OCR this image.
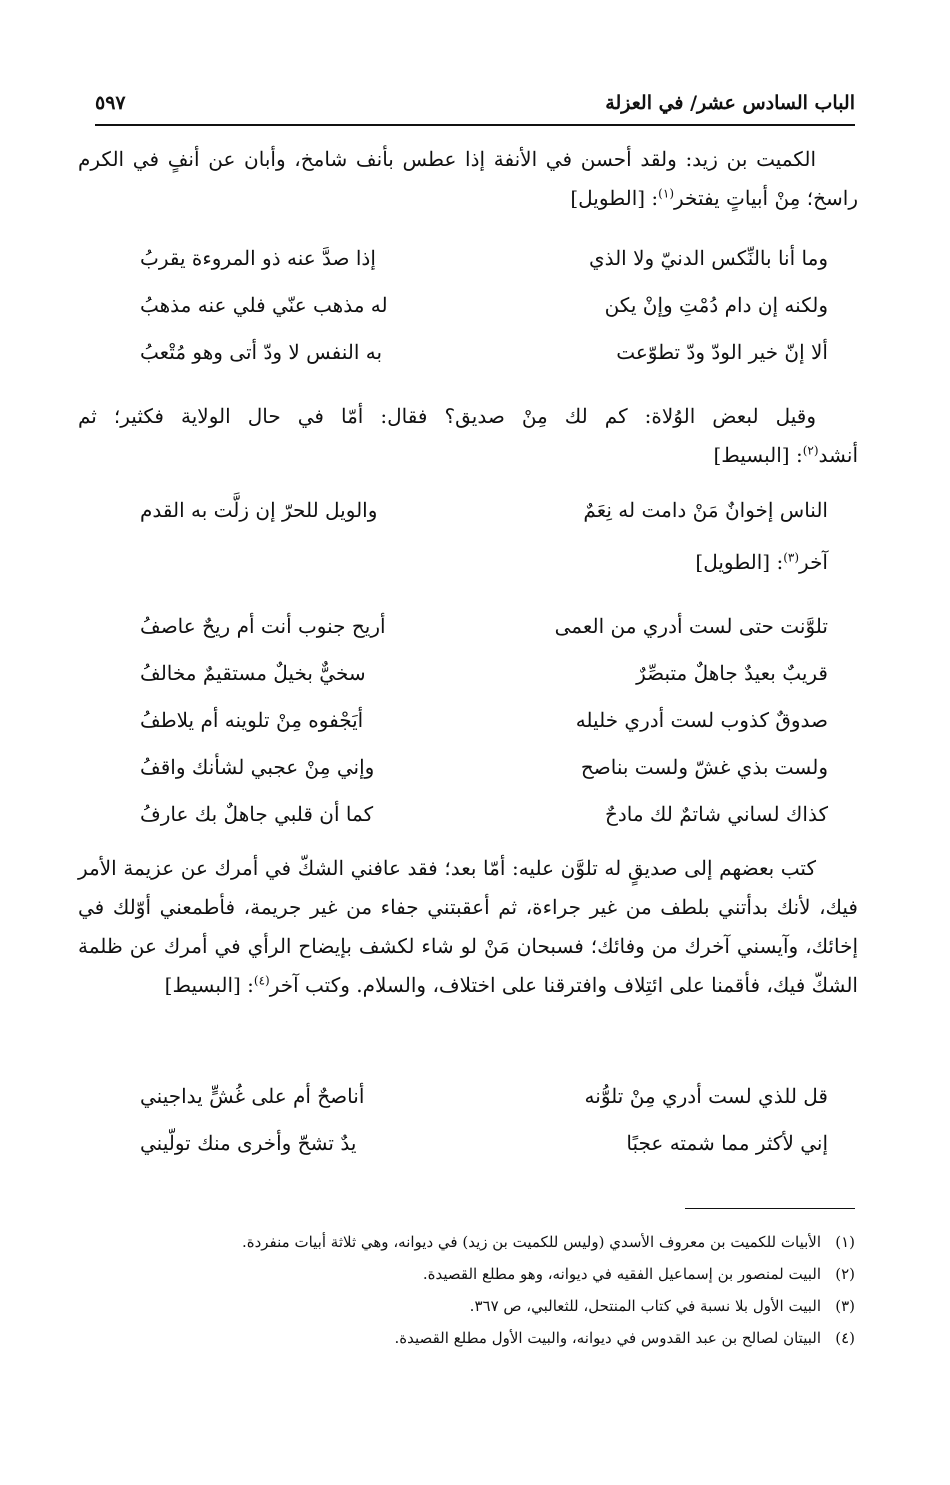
الباب السادس عشر/ في العزلة
٥٩٧
الكميت بن زيد: ولقد أحسن في الأنفة إذا عطس بأنف شامخ، وأبان عن أنفٍ في الكرم راسخ؛ مِنْ أبياتٍ يفتخر$^{(١)}$: [الطويل]
وما أنا بالنِّكس الدنيّ ولا الذي
إذا صدَّ عنه ذو المروءة يقربُ
ولكنه إن دام دُمْتِ وإنْ يكن
له مذهب عنّي فلي عنه مذهبُ
ألا إنّ خير الودّ ودّ تطوّعت
به النفس لا ودّ أتى وهو مُتْعبُ
وقيل لبعض الوُلاة: كم لك مِنْ صديق؟ فقال: أمّا في حال الولاية فكثير؛ ثم أنشد$^{(٢)}$: [البسيط]
الناس إخوانٌ مَنْ دامت له نِعَمٌ
والويل للحرّ إن زلَّت به القدم
آخر$^{(٣)}$: [الطويل]
تلوَّنت حتى لست أدري من العمى
أريح جنوب أنت أم ريحٌ عاصفُ
قريبٌ بعيدٌ جاهلٌ متبصِّرٌ
سخيٌّ بخيلٌ مستقيمٌ مخالفُ
صدوقٌ كذوب لست أدري خليله
أيَجْفوه مِنْ تلوينه أم يلاطفُ
ولست بذي غشّ ولست بناصح
وإني مِنْ عجبي لشأنك واقفُ
كذاك لساني شاتمٌ لك مادحٌ
كما أن قلبي جاهلٌ بك عارفُ
كتب بعضهم إلى صديقٍ له تلوَّن عليه: أمّا بعد؛ فقد عافني الشكّ في أمرك عن عزيمة الأمر فيك، لأنك بدأتني بلطف من غير جراءة، ثم أعقبتني جفاء من غير جريمة، فأطمعني أوّلك في إخائك، وآيسني آخرك من وفائك؛ فسبحان مَنْ لو شاء لكشف بإيضاح الرأي في أمرك عن ظلمة الشكّ فيك، فأقمنا على ائتِلاف وافترقنا على اختلاف، والسلام. وكتب آخر$^{(٤)}$: [البسيط]
قل للذي لست أدري مِنْ تلوُّنه
أناصحٌ أم على غُشٍّ يداجيني
إني لأكثر مما شمته عجبًا
يدٌ تشحّ وأخرى منك تولّيني
(١)
الأبيات للكميت بن معروف الأسدي (وليس للكميت بن زيد) في ديوانه، وهي ثلاثة أبيات منفردة.
(٢)
البيت لمنصور بن إسماعيل الفقيه في ديوانه، وهو مطلع القصيدة.
(٣)
البيت الأول بلا نسبة في كتاب المنتحل، للثعالبي، ص ٣٦٧.
(٤)
البيتان لصالح بن عبد القدوس في ديوانه، والبيت الأول مطلع القصيدة.
